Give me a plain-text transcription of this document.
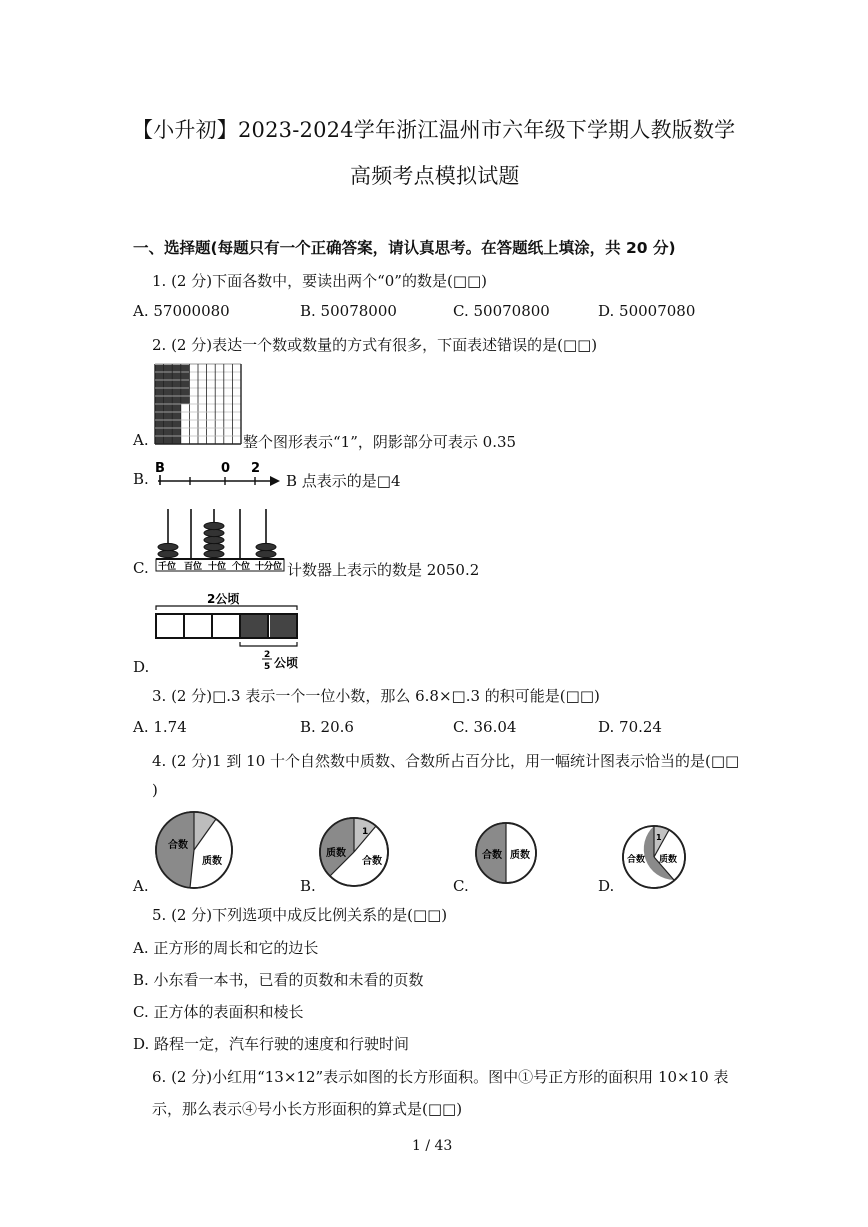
【小升初】2023-2024学年浙江温州市六年级下学期人教版数学
高频考点模拟试题
一、选择题(每题只有一个正确答案，请认真思考。在答题纸上填涂，共 20 分)
1. (2 分)下面各数中，要读出两个“0”的数是(□□)
A. 57000080	B. 50078000	C. 50070800	D. 50007080
2. (2 分)表达一个数或数量的方式有很多，下面表述错误的是(□□)
A.	整个图形表示“1”，阴影部分可表示 0.35
B.
B	0 2
B 点表示的是□4
千位 百位 十位 个位 十分位
C.	计数器上表示的数是 2050.2
2公顷
2
5 公顷
D.
3. (2 分)□.3 表示一个一位小数，那么 6.8×□.3 的积可能是(□□)
A. 1.74	B. 20.6	C. 36.04	D. 70.24
4. (2 分)1 到 10 十个自然数中质数、合数所占百分比，用一幅统计图表示恰当的是(□□
)
合数
质数
A.
质数
合数
1
B.
合数 质数
C.
合数 质数
1
D.
5. (2 分)下列选项中成反比例关系的是(□□)
A. 正方形的周长和它的边长
B. 小东看一本书，已看的页数和未看的页数
C. 正方体的表面积和棱长
D. 路程一定，汽车行驶的速度和行驶时间
6. (2 分)小红用“13×12”表示如图的长方形面积。图中①号正方形的面积用 10×10 表
示，那么表示④号小长方形面积的算式是(□□)
1 / 43
